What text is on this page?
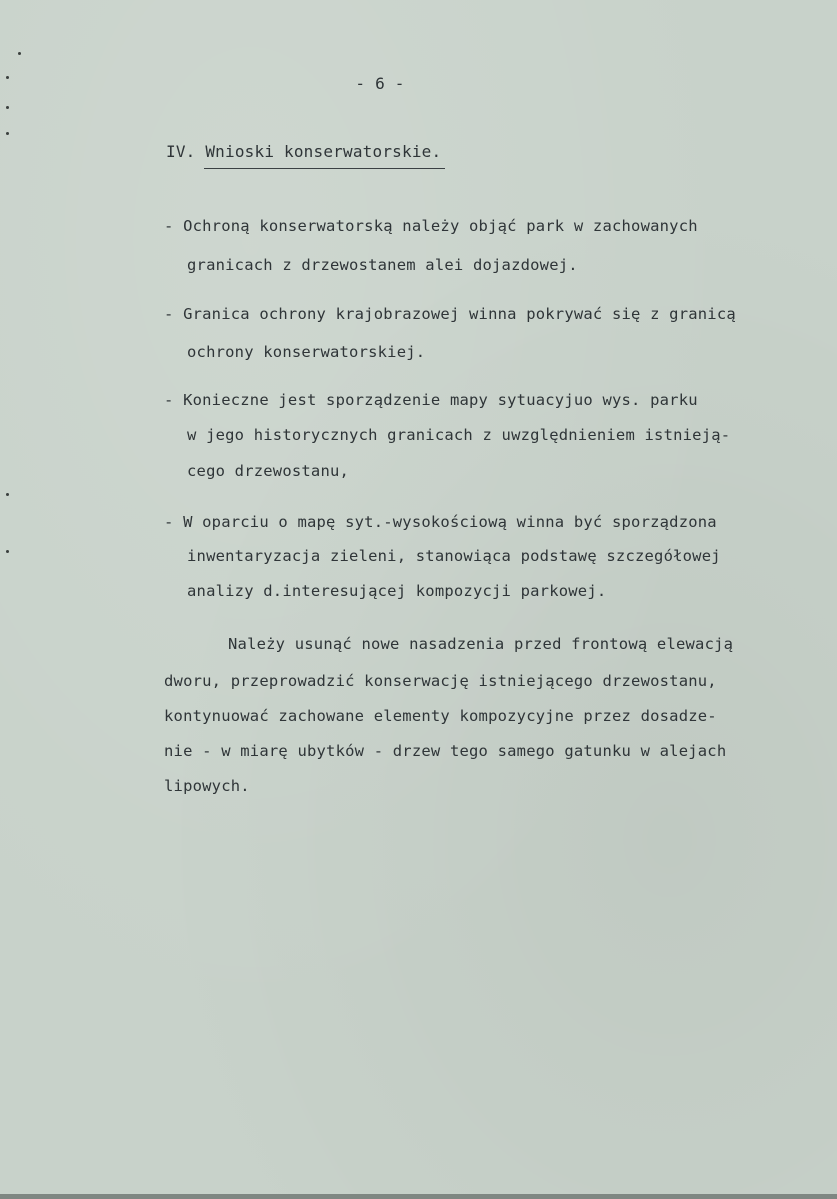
- 6 -
IV. Wnioski konserwatorskie.
- Ochroną konserwatorską należy objąć park w zachowanych
granicach z drzewostanem alei dojazdowej.
- Granica ochrony krajobrazowej winna pokrywać się z granicą
ochrony konserwatorskiej.
- Konieczne jest sporządzenie mapy sytuacyjuo wys. parku
w jego historycznych granicach z uwzględnieniem istnieją-
cego drzewostanu,
- W oparciu o mapę syt.-wysokościową winna być sporządzona
inwentaryzacja zieleni, stanowiąca podstawę szczegółowej
analizy d.interesującej kompozycji parkowej.
Należy usunąć nowe nasadzenia przed frontową elewacją
dworu, przeprowadzić konserwację istniejącego drzewostanu,
kontynuować zachowane elementy kompozycyjne przez dosadze-
nie - w miarę ubytków - drzew tego samego gatunku w alejach
lipowych.
